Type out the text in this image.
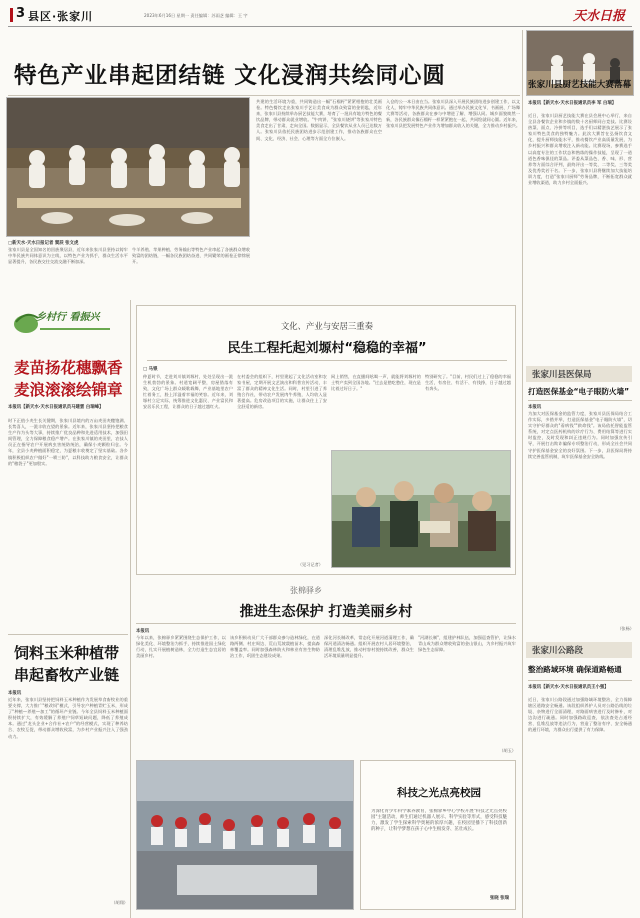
3 县区·张家川	2023年6月16日 星期一 责任编辑：苏雨芝 编辑：王 宇	天水日报
特色产业串起团结链 文化浸润共绘同心圆
□新天水·天水日报记者 窦辰 张文虎
张家川县是全国知名的回族聚居县，近年来张家川县坚持以铸牢中华民族共同体意识为主线，以特色产业为抓手，群众生活水平显著提升，各民族交往交流交融不断加深。
牛羊养殖、苹果种植、劳务输出等特色产业串起了各族群众增收致富的团结链，一幅各民族团结奋进、共同繁荣的画卷正徐徐展开。
共建的生活环境为重，共同铸造出一幅"石榴籽"紧紧相抱的壮美画卷。特色餐饮走出张家川手艺让美食成为群众致富的金钥匙，近年来，张家川县持续举办厨艺技能大赛，培育了一批具有地方特色的餐饮品牌，带动群众就业增收。"牛肉饼、"张家川烧饼"等张家川特色美食走出了甘肃，走向全国。数据显示，全县餐饮从业人员已达数万人。张家川县依托民族团结进步示范创建工作，推动各族群众在空间、文化、经济、社会、心理等方面全方位嵌入。
入仓的公一本日由在当。张家川县深入开展民族团结进步创建工作，以文化人，铸牢中华民族共同体意识。通过举办民族文化节、书画展、广场舞大赛等活动，各族群众在参与中增进了解、增强认同。城乡面貌焕然一新，各民族群众像石榴籽一样紧紧抱在一起，共同绘就同心圆。近年来，张家川县把发展特色产业作为增加群众收入的关键，全力推动乡村振兴。
张家川县厨艺技能大赛落幕
本报讯【新天水·天水日报通讯员李 军 白瑞】
近日，张家川县厨艺技能大赛在县会展中心举行，来自全县各餐饮企业和乡镇的数十名厨师同台竞技。比赛设热菜、面点、冷拼等项目，选手们以精湛技艺展示了张家川特色美食的独特魅力。此次大赛旨在弘扬饮食文化，提升厨师技能水平，推动餐饮产业高质量发展，为乡村振兴和群众增收注入新动能。比赛现场，参赛选手以高度专注的工作状态和熟练的操作技能，呈现了一道道色香味俱佳的菜品。评委从菜品色、香、味、形、营养等方面综合评判，最终评出一等奖、二等奖、三等奖及优秀奖若干名。下一步，张家川县将继续加大技能培训力度，打造"张家川厨师"劳务品牌，不断拓宽群众就业增收渠道，助力乡村全面振兴。
张家川县医保局
打造医保基金“电子眼防火墙”
本报讯
为加大对医保基金的监管力度，张家川县医保局结合工作实际，多措并举，打造医保基金"电子眼防火墙"，切实守护好群众的"看病钱""救命钱"。该局依托智能监管系统，对定点医药机构的诊疗行为、费用结算等进行实时监控，及时发现和纠正违规行为。同时加强宣传引导，开展打击欺诈骗保专项整治行动，形成全社会共同守护医保基金安全的良好氛围。下一步，县医保局将持续完善监管机制，筑牢医保基金安全防线。
（张杨）
张家川公路段
整治路域环境 确保道路畅通
本报讯【新天水·天水日报通讯员王小强】
近日，张家川公路段通过加强路域环境整治，全力保障辖区道路安全畅通。该段组织养护人员对公路沿线的垃圾、杂物进行全面清理，对路面病害进行及时修补，对边沟进行疏通。同时加强路政巡查，依法查处占道经营、乱堆乱放等违法行为，营造了整洁有序、安全畅通的通行环境，为群众出行提供了有力保障。
乡村行 看振兴
麦苗扬花穗飘香
麦浪滚滚绘锦章
本报讯【新天水·天水日报通讯员马建雲 白瑞峰】
时下正值小麦生长关键期，张家川县境内的万亩麦田麦穗饱满、长势喜人，一派丰收在望的景象。近年来，张家川县坚持把粮食生产作为头等大事，持续推广优良品种和先进适用技术，加强田间管理，全力保障粮食稳产增产。在张家川镇的麦田里，农技人员正在指导农户开展病虫害统防统治，确保小麦颗粒归仓。今年，全县小麦种植面积稳定，为夏粮丰收奠定了坚实基础。各乡镇积极组织农户做好"一喷三防"，以科技助力粮食安全，让群众的"粮袋子"更加殷实。
饲料玉米种植带
串起畜牧产业链
本报讯
近年来，张家川县坚持把饲料玉米种植作为发展草食畜牧业的重要支撑，大力推广"粮改饲"模式，引导农户种植青贮玉米，形成了"种植—养殖—加工"的循环产业链。今年全县饲料玉米种植面积持续扩大，有效缓解了养殖户饲草短缺问题，降低了养殖成本。通过"龙头企业+合作社+农户"的经营模式，实现了种养结合、农牧互促，带动群众增收致富，为乡村产业振兴注入了强劲动力。
（胡翔）
文化、产业与安居三重奏
民生工程托起刘塬村“稳稳的幸福”
□ 马银
仲夏时节，走进刘川镇刘塬村，处处呈现出一派生机勃勃的景象。村道宽阔平整，房屋错落有致，文化广场上群众载歌载舞，产业基地里农户忙着务工，脸上洋溢着幸福的笑容。近年来，刘塬村立足实际，统筹推进文化惠民、产业富民和安居乐民工程，让群众的日子越过越红火。
在村委会的组织下，村里建起了文化活动室和农家书屋，定期开展文艺演出和科普宣传活动，丰富了群众的精神文化生活。同时，村里引进了养殖合作社，带动农户发展肉牛养殖，人均收入显著提高。危房改造项目的实施，让群众住上了安全舒适的新房。
网上销售，在直播间吆喝一声，就能将刘塬村的土特产卖到全国各地。"过去是愁吃愁住，现在是比着过好日子。"
特别研究了。"目前，村民们过上了稳稳的幸福生活，有房住、有活干、有钱挣，日子越过越有奔头。
（见习记者）
张棉驿乡
推进生态保护 打造美丽乡村
本报讯
今年以来，张棉驿乡紧紧围绕生态保护工作，以绿化美化、环境整治为抓手，持续推进国土绿化行动，扎实开展植树造林，全力打造生态宜居的美丽乡村。
该乡积极动员广大干部群众参与造林绿化，在道路两侧、村庄周边、荒山荒坡栽植苗木，提高森林覆盖率。同时加强森林防火和林业有害生物防治工作，巩固生态建设成果。
深化河长制改革，常态化开展河道清理工作，确保河道清洁畅通。组织开展农村人居环境整治，清理乱堆乱放，推动村容村貌持续改善，群众生活环境质量明显提升。
"河湖长制"，组建护林队伍，加强巡查管护，让绿水青山成为群众增收致富的金山银山，为乡村振兴筑牢绿色生态屏障。
（胡玉）
科技之光点亮校园
为深化青少年科学素养教育，张棉驿乡中心学校开展"科技之光点亮校园"主题活动，师生们通过机器人展示、科学实验等形式，感受科技魅力，激发了学生探索科学奥秘的浓厚兴趣，在校园里播下了科技创新的种子，让科学梦想在孩子心中生根发芽、茁壮成长。
张晓 张瑞
